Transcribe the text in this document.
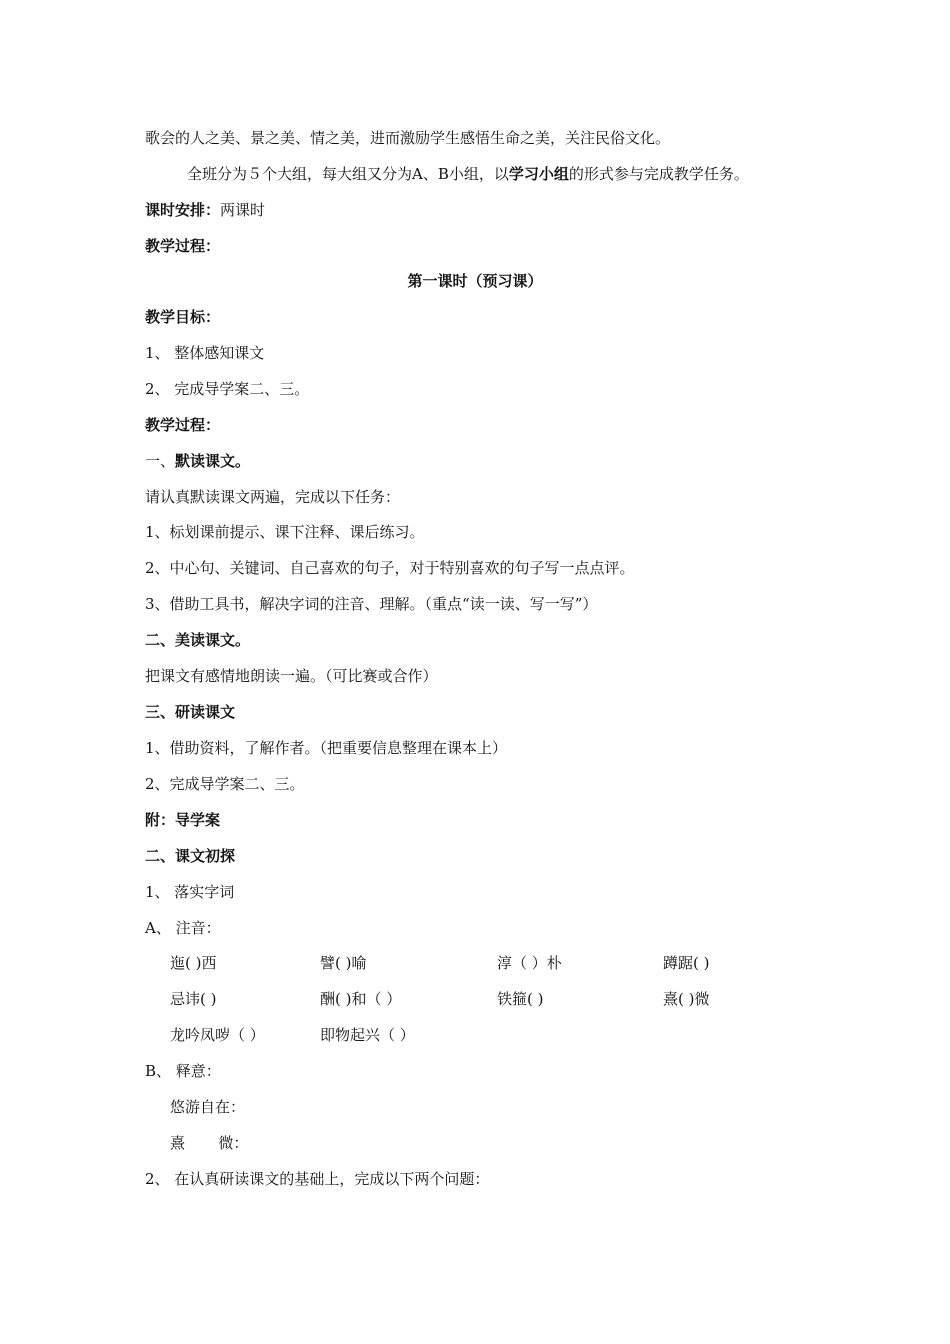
歌会的人之美、景之美、情之美，进而激励学生感悟生命之美，关注民俗文化。
全班分为５个大组，每大组又分为A、B小组，以学习小组的形式参与完成教学任务。
课时安排：两课时
教学过程：
第一课时（预习课）
教学目标：
1、 整体感知课文
2、 完成导学案二、三。
教学过程：
一、默读课文。
请认真默读课文两遍，完成以下任务：
1、标划课前提示、课下注释、课后练习。
2、中心句、关键词、自己喜欢的句子，对于特别喜欢的句子写一点点评。
3、借助工具书，解决字词的注音、理解。（重点“读一读、写一写”）
二、美读课文。
把课文有感情地朗读一遍。（可比赛或合作）
三、研读课文
1、借助资料，了解作者。（把重要信息整理在课本上）
2、完成导学案二、三。
附：导学案
二、课文初探
1、 落实字词
A、 注音：
迤( )西	譬( )喻	淳（ ）朴	蹲踞( )
忌讳( )	酬( )和（ ）	铁箍( )	熹( )微
龙吟凤哕（ ）	即物起兴（ ）
B、 释意：
悠游自在：
熹       微：
2、 在认真研读课文的基础上，完成以下两个问题：
